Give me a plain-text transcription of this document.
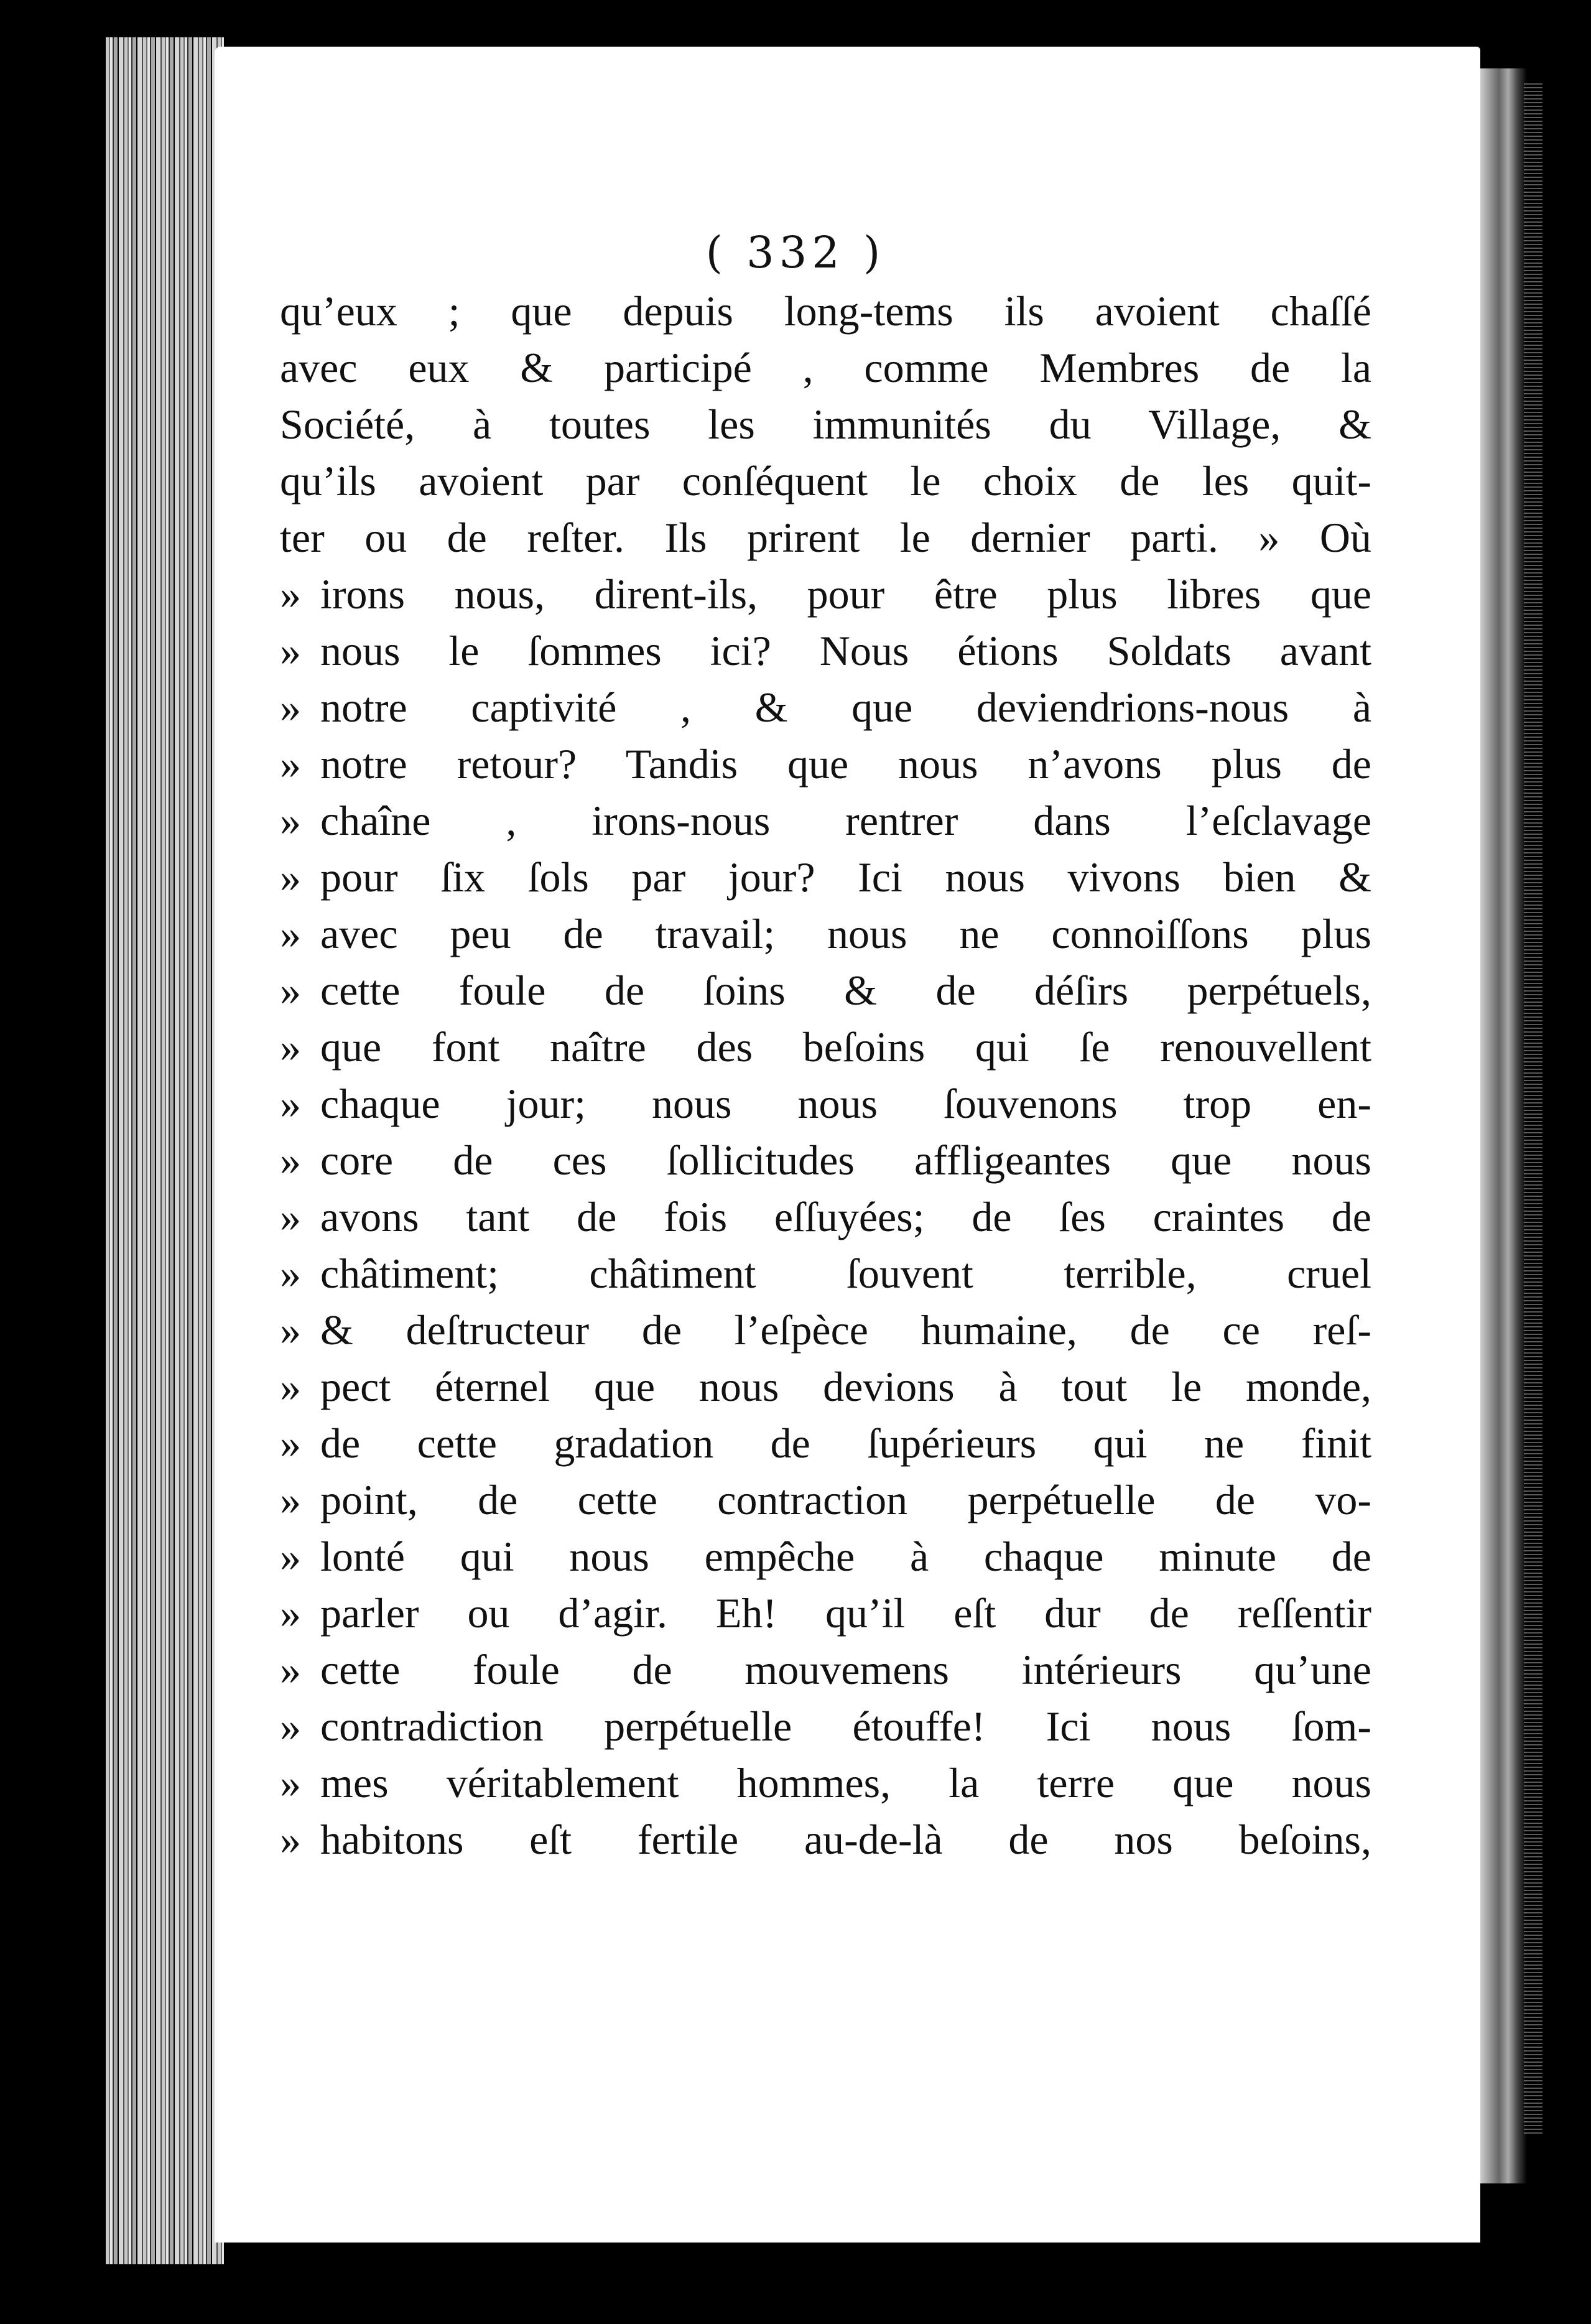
( 332 )
qu’eux ; que depuis long-tems ils avoient chaſſé
avec eux & participé , comme Membres de la
Société, à toutes les immunités du Village, &
qu’ils avoient par conſéquent le choix de les quit-
ter ou de reſter. Ils prirent le dernier parti. » Où
» irons nous, dirent-ils, pour être plus libres que
» nous le ſommes ici? Nous étions Soldats avant
» notre captivité , & que deviendrions-nous à
» notre retour? Tandis que nous n’avons plus de
» chaîne , irons-nous rentrer dans l’eſclavage
» pour ſix ſols par jour? Ici nous vivons bien &
» avec peu de travail; nous ne connoiſſons plus
» cette foule de ſoins & de déſirs perpétuels,
» que font naître des beſoins qui ſe renouvellent
» chaque jour; nous nous ſouvenons trop en-
» core de ces ſollicitudes affligeantes que nous
» avons tant de fois eſſuyées; de ſes craintes de
» châtiment; châtiment ſouvent terrible, cruel
» & deſtructeur de l’eſpèce humaine, de ce reſ-
» pect éternel que nous devions à tout le monde,
» de cette gradation de ſupérieurs qui ne finit
» point, de cette contraction perpétuelle de vo-
» lonté qui nous empêche à chaque minute de
» parler ou d’agir. Eh! qu’il eſt dur de reſſentir
» cette foule de mouvemens intérieurs qu’une
» contradiction perpétuelle étouffe! Ici nous ſom-
» mes véritablement hommes, la terre que nous
» habitons eſt fertile au-de-là de nos beſoins,
